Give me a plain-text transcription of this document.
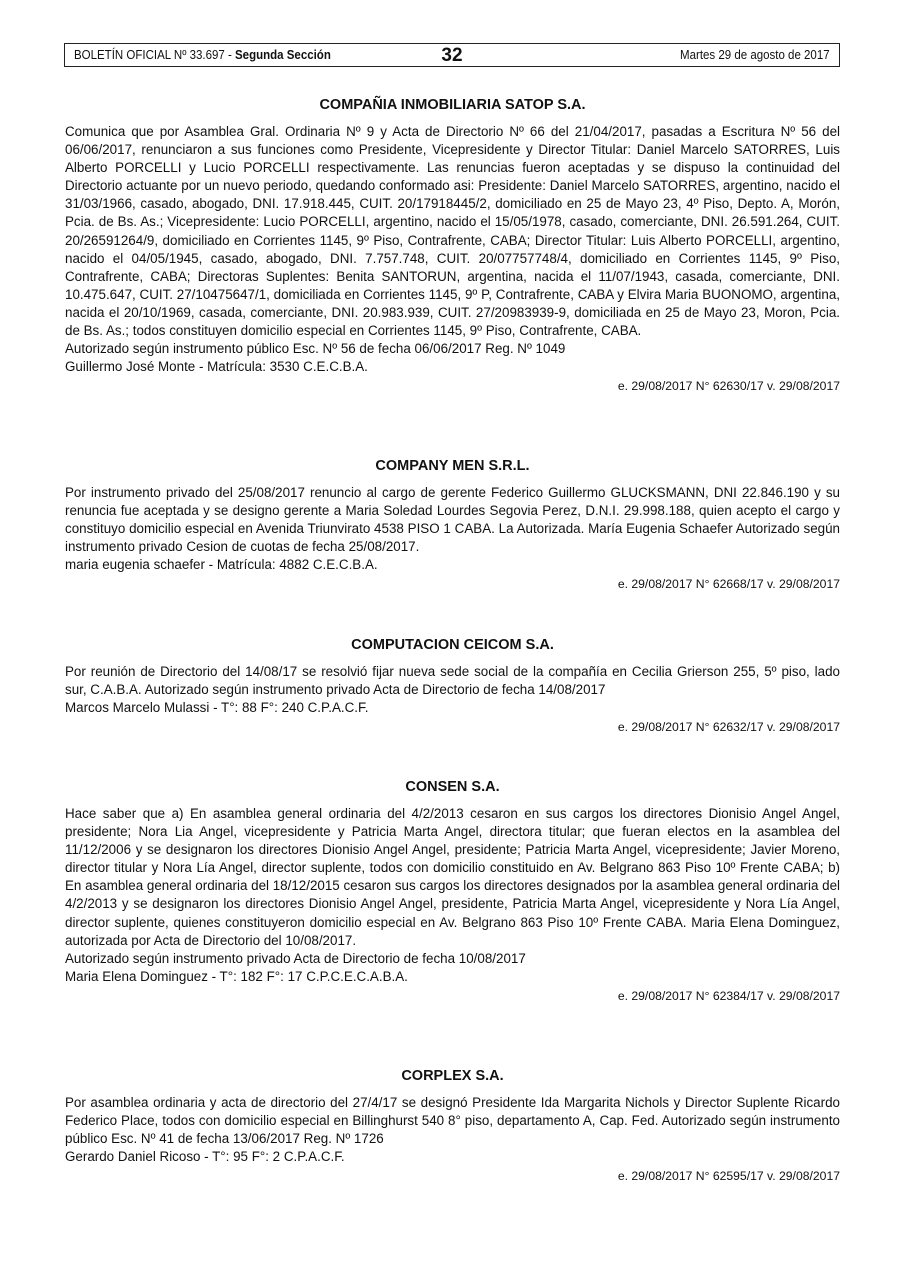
BOLETÍN OFICIAL Nº 33.697 - Segunda Sección	32	Martes 29 de agosto de 2017
COMPAÑIA INMOBILIARIA SATOP S.A.

Comunica que por Asamblea Gral. Ordinaria Nº 9 y Acta de Directorio Nº 66 del 21/04/2017, pasadas a Escritura Nº 56 del 06/06/2017, renunciaron a sus funciones como Presidente, Vicepresidente y Director Titular: Daniel Marcelo SATORRES, Luis Alberto PORCELLI y Lucio PORCELLI respectivamente. Las renuncias fueron aceptadas y se dispuso la continuidad del Directorio actuante por un nuevo periodo, quedando conformado asi: Presidente: Daniel Marcelo SATORRES, argentino, nacido el 31/03/1966, casado, abogado, DNI. 17.918.445, CUIT. 20/17918445/2, domiciliado en 25 de Mayo 23, 4º Piso, Depto. A, Morón, Pcia. de Bs. As.; Vicepresidente: Lucio PORCELLI, argentino, nacido el 15/05/1978, casado, comerciante, DNI. 26.591.264, CUIT. 20/26591264/9, domiciliado en Corrientes 1145, 9º Piso, Contrafrente, CABA; Director Titular: Luis Alberto PORCELLI, argentino, nacido el 04/05/1945, casado, abogado, DNI. 7.757.748, CUIT. 20/07757748/4, domiciliado en Corrientes 1145, 9º Piso, Contrafrente, CABA; Directoras Suplentes: Benita SANTORUN, argentina, nacida el 11/07/1943, casada, comerciante, DNI. 10.475.647, CUIT. 27/10475647/1, domiciliada en Corrientes 1145, 9º P, Contrafrente, CABA y Elvira Maria BUONOMO, argentina, nacida el 20/10/1969, casada, comerciante, DNI. 20.983.939, CUIT. 27/20983939-9, domiciliada en 25 de Mayo 23, Moron, Pcia. de Bs. As.; todos constituyen domicilio especial en Corrientes 1145, 9º Piso, Contrafrente, CABA.

Autorizado según instrumento público Esc. Nº 56 de fecha 06/06/2017 Reg. Nº 1049
Guillermo José Monte - Matrícula: 3530 C.E.C.B.A.
e. 29/08/2017 N° 62630/17 v. 29/08/2017
COMPANY MEN S.R.L.

Por instrumento privado del 25/08/2017 renuncio al cargo de gerente Federico Guillermo GLUCKSMANN, DNI 22.846.190 y su renuncia fue aceptada y se designo gerente a Maria Soledad Lourdes Segovia Perez, D.N.I. 29.998.188, quien acepto el cargo y constituyo domicilio especial en Avenida Triunvirato 4538 PISO 1 CABA. La Autorizada. María Eugenia Schaefer Autorizado según instrumento privado Cesion de cuotas de fecha 25/08/2017.

maria eugenia schaefer - Matrícula: 4882 C.E.C.B.A.
e. 29/08/2017 N° 62668/17 v. 29/08/2017
COMPUTACION CEICOM S.A.

Por reunión de Directorio del 14/08/17 se resolvió fijar nueva sede social de la compañía en Cecilia Grierson 255, 5º piso, lado sur, C.A.B.A. Autorizado según instrumento privado Acta de Directorio de fecha 14/08/2017

Marcos Marcelo Mulassi - T°: 88 F°: 240 C.P.A.C.F.
e. 29/08/2017 N° 62632/17 v. 29/08/2017
CONSEN S.A.

Hace saber que a) En asamblea general ordinaria del 4/2/2013 cesaron en sus cargos los directores Dionisio Angel Angel, presidente; Nora Lia Angel, vicepresidente y Patricia Marta Angel, directora titular; que fueran electos en la asamblea del 11/12/2006 y se designaron los directores Dionisio Angel Angel, presidente; Patricia Marta Angel, vicepresidente; Javier Moreno, director titular y Nora Lía Angel, director suplente, todos con domicilio constituido en Av. Belgrano 863 Piso 10º Frente CABA; b) En asamblea general ordinaria del 18/12/2015 cesaron sus cargos los directores designados por la asamblea general ordinaria del 4/2/2013 y se designaron los directores Dionisio Angel Angel, presidente, Patricia Marta Angel, vicepresidente y Nora Lía Angel, director suplente, quienes constituyeron domicilio especial en Av. Belgrano 863 Piso 10º Frente CABA. Maria Elena Dominguez, autorizada por Acta de Directorio del 10/08/2017.

Autorizado según instrumento privado Acta de Directorio de fecha 10/08/2017
Maria Elena Dominguez - T°: 182 F°: 17 C.P.C.E.C.A.B.A.
e. 29/08/2017 N° 62384/17 v. 29/08/2017
CORPLEX S.A.

Por asamblea ordinaria y acta de directorio del 27/4/17 se designó Presidente Ida Margarita Nichols y Director Suplente Ricardo Federico Place, todos con domicilio especial en Billinghurst 540 8° piso, departamento A, Cap. Fed. Autorizado según instrumento público Esc. Nº 41 de fecha 13/06/2017 Reg. Nº 1726

Gerardo Daniel Ricoso - T°: 95 F°: 2 C.P.A.C.F.
e. 29/08/2017 N° 62595/17 v. 29/08/2017
